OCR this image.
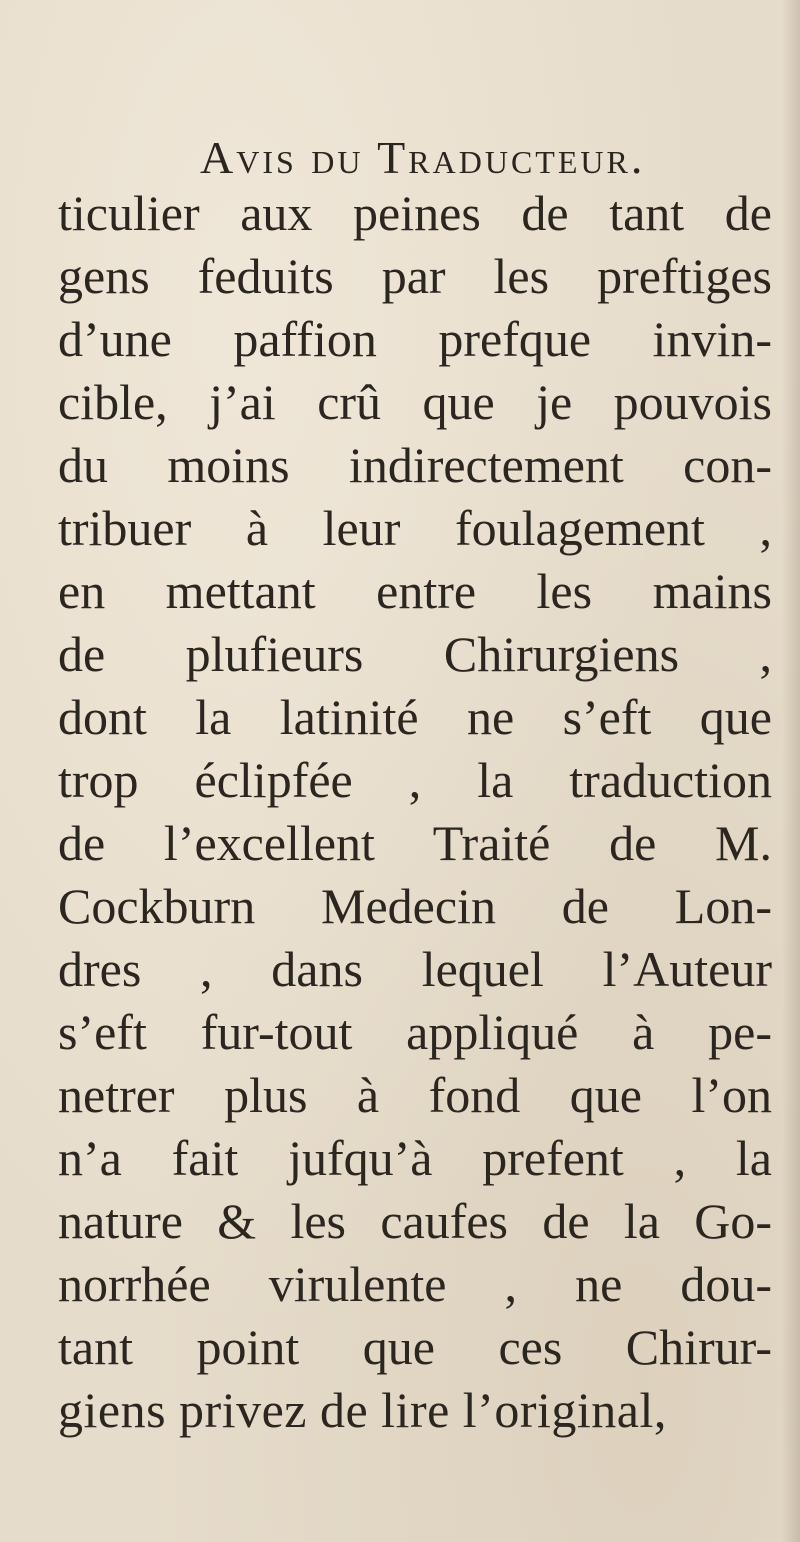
Avis du Traducteur.
ticulier aux peines de tant de
gens feduits par les preftiges
d’une paffion prefque invin-
cible, j’ai crû que je pouvois
du moins indirectement con-
tribuer à leur foulagement ,
en mettant entre les mains
de plufieurs Chirurgiens ,
dont la latinité ne s’eft que
trop éclipfée , la traduction
de l’excellent Traité de M.
Cockburn Medecin de Lon-
dres , dans lequel l’Auteur
s’eft fur-tout appliqué à pe-
netrer plus à fond que l’on
n’a fait jufqu’à prefent , la
nature & les caufes de la Go-
norrhée virulente , ne dou-
tant point que ces Chirur-
giens privez de lire l’original,
